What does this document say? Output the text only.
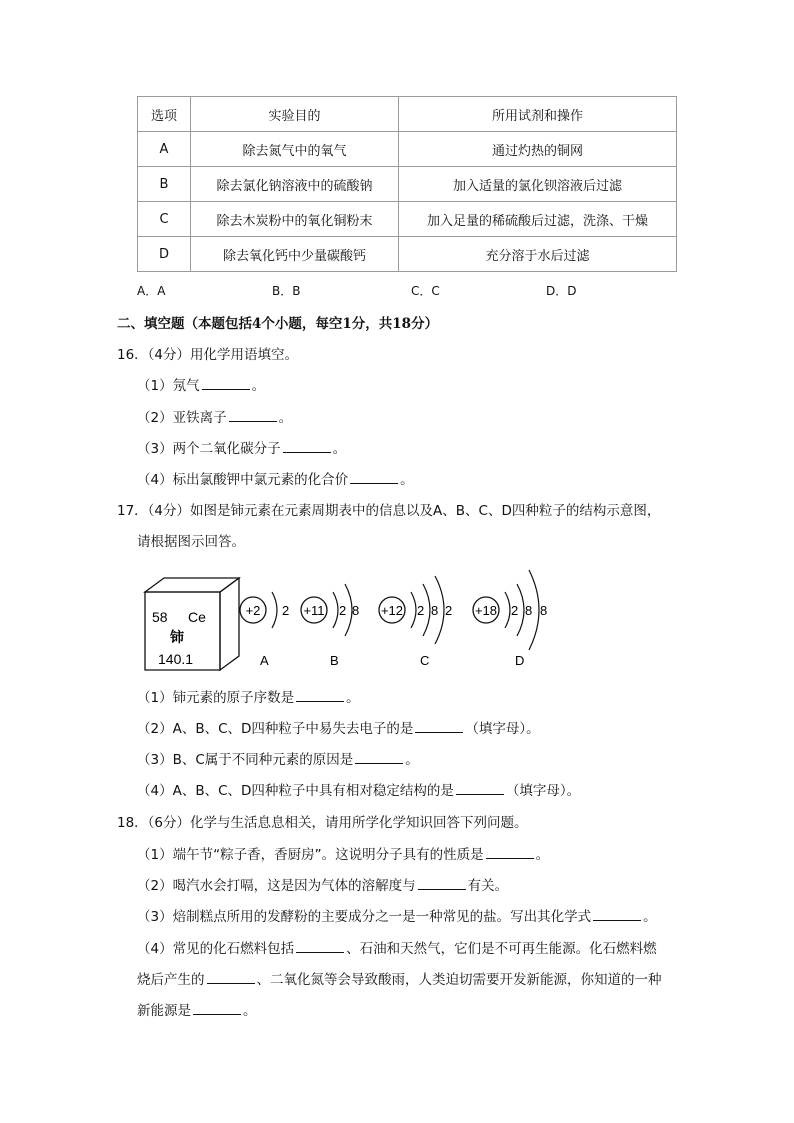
选项	实验目的	所用试剂和操作
A	除去氮气中的氧气	通过灼热的铜网
B	除去氯化钠溶液中的硫酸钠	加入适量的氯化钡溶液后过滤
C	除去木炭粉中的氧化铜粉末	加入足量的稀硫酸后过滤，洗涤、干燥
D	除去氧化钙中少量碳酸钙	充分溶于水后过滤
A．A	B．B	C．C	D．D
二、填空题（本题包括4个小题，每空1分，共18分）
16．（4分）用化学用语填空。
（1）氖气	。
（2）亚铁离子	。
（3）两个二氧化碳分子	。
（4）标出氯酸钾中氯元素的化合价	。
17．（4分）如图是铈元素在元素周期表中的信息以及A、B、C、D四种粒子的结构示意图，
请根据图示回答。
58 Ce
铈
140.1
+2 2
A
+11 2 8
B
+12 2 8 2
C
+18 2 8 8
D
（1）铈元素的原子序数是	。
（2）A、B、C、D四种粒子中易失去电子的是	（填字母）。
（3）B、C属于不同种元素的原因是	。
（4）A、B、C、D四种粒子中具有相对稳定结构的是	（填字母）。
18．（6分）化学与生活息息相关，请用所学化学知识回答下列问题。
（1）端午节“粽子香，香厨房”。这说明分子具有的性质是	。
（2）喝汽水会打嗝，这是因为气体的溶解度与	有关。
（3）焙制糕点所用的发酵粉的主要成分之一是一种常见的盐。写出其化学式	。
（4）常见的化石燃料包括	、石油和天然气，它们是不可再生能源。化石燃料燃
烧后产生的	、二氧化氮等会导致酸雨，人类迫切需要开发新能源，你知道的一种
新能源是	。
